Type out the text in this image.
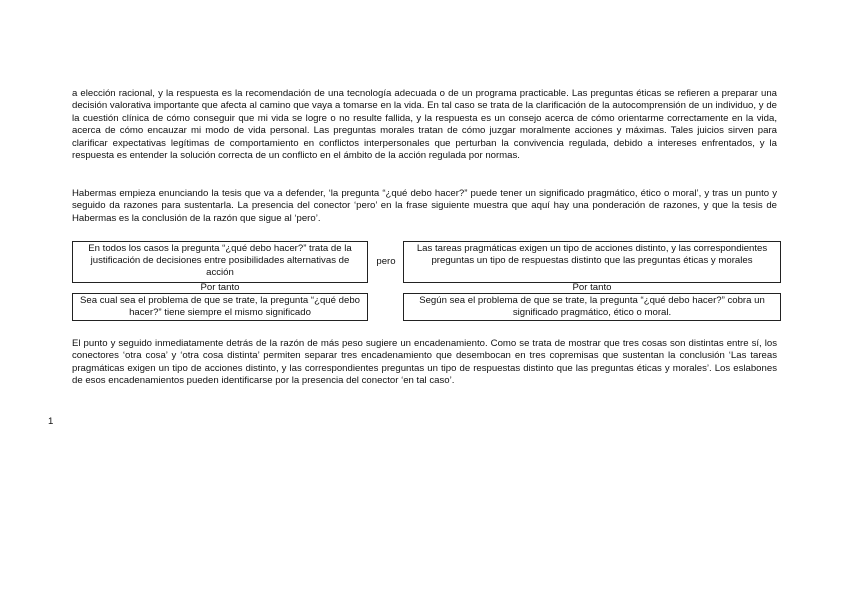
a elección racional, y la respuesta es la recomendación de una tecnología adecuada o de un programa practicable. Las preguntas éticas se refieren a preparar una decisión valorativa importante que afecta al camino que vaya a tomarse en la vida. En tal caso se trata de la clarificación de la autocomprensión de un individuo, y de la cuestión clínica de cómo conseguir que mi vida se logre o no resulte fallida, y la respuesta es un consejo acerca de cómo orientarme correctamente en la vida, acerca de cómo encauzar mi modo de vida personal. Las preguntas morales tratan de cómo juzgar moralmente acciones y máximas. Tales juicios sirven para clarificar expectativas legítimas de comportamiento en conflictos interpersonales que perturban la convivencia regulada, debido a intereses enfrentados, y la respuesta es entender la solución correcta de un conflicto en el ámbito de la acción regulada por normas.

Habermas empieza enunciando la tesis que va a defender, ‘la pregunta “¿qué debo hacer?” puede tener un significado pragmático, ético o moral’, y tras un punto y seguido da razones para sustentarla. La presencia del conector ‘pero’ en la frase siguiente muestra que aquí hay una ponderación de razones, y que la tesis de Habermas es la conclusión de la razón que sigue al ‘pero’.

En todos los casos la pregunta “¿qué debo hacer?” trata de la justificación de decisiones entre posibilidades alternativas de acción
pero
Las tareas pragmáticas exigen un tipo de acciones distinto, y las correspondientes preguntas un tipo de respuestas distinto que las preguntas éticas y morales
Por tanto	Por tanto
Sea cual sea el problema de que se trate, la pregunta “¿qué debo hacer?” tiene siempre el mismo significado
Según sea el problema de que se trate, la pregunta “¿qué debo hacer?” cobra un significado pragmático, ético o moral.

El punto y seguido inmediatamente detrás de la razón de más peso sugiere un encadenamiento. Como se trata de mostrar que tres cosas son distintas entre sí, los conectores ‘otra cosa’ y ‘otra cosa distinta’ permiten separar tres encadenamiento que desembocan en tres copremisas que sustentan la conclusión ‘Las tareas pragmáticas exigen un tipo de acciones distinto, y las correspondientes preguntas un tipo de respuestas distinto que las preguntas éticas y morales’. Los eslabones de esos encadenamientos pueden identificarse por la presencia del conector ‘en tal caso’.

1
